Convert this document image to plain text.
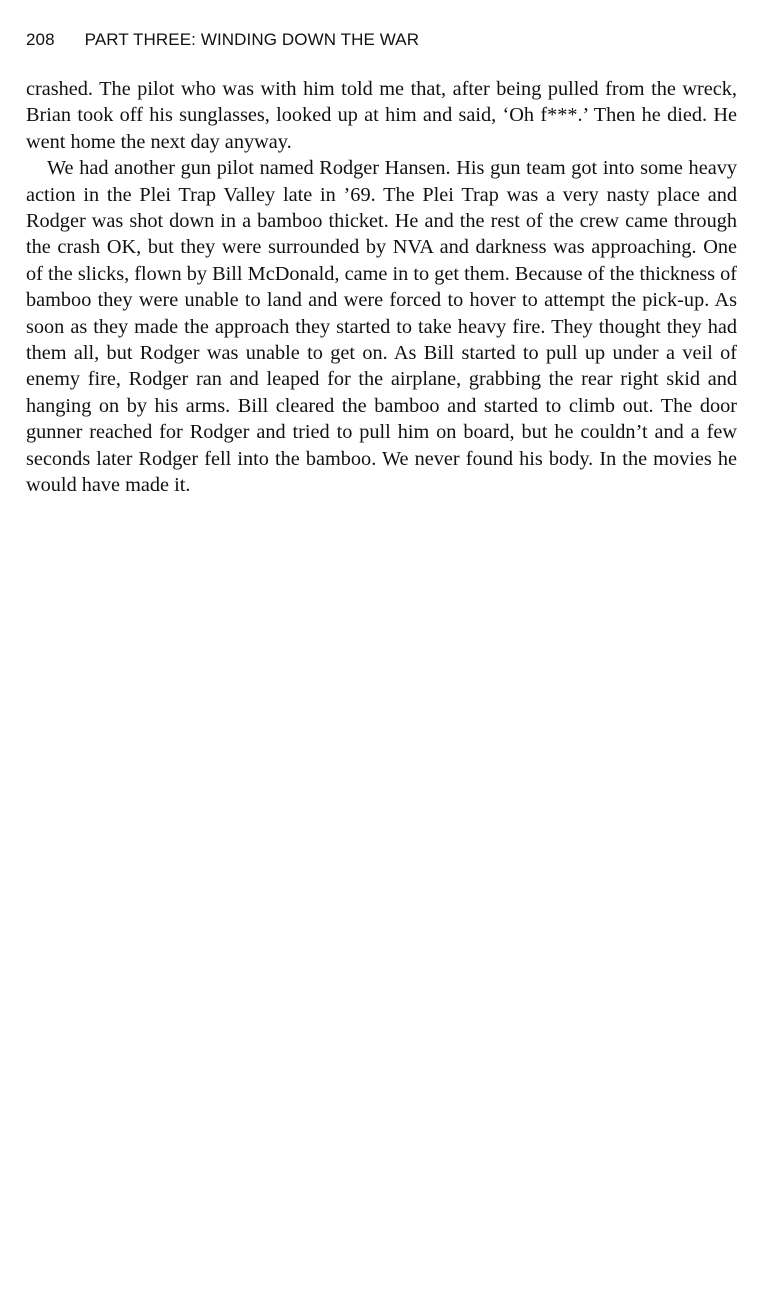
208 PART THREE: WINDING DOWN THE WAR

crashed. The pilot who was with him told me that, after being pulled from the wreck, Brian took off his sunglasses, looked up at him and said, ‘Oh f***.’ Then he died. He went home the next day anyway.

We had another gun pilot named Rodger Hansen. His gun team got into some heavy action in the Plei Trap Valley late in ’69. The Plei Trap was a very nasty place and Rodger was shot down in a bamboo thicket. He and the rest of the crew came through the crash OK, but they were surrounded by NVA and darkness was approaching. One of the slicks, flown by Bill McDonald, came in to get them. Because of the thickness of bamboo they were unable to land and were forced to hover to attempt the pick-up. As soon as they made the approach they started to take heavy fire. They thought they had them all, but Rodger was unable to get on. As Bill started to pull up under a veil of enemy fire, Rodger ran and leaped for the airplane, grabbing the rear right skid and hanging on by his arms. Bill cleared the bamboo and started to climb out. The door gunner reached for Rodger and tried to pull him on board, but he couldn’t and a few seconds later Rodger fell into the bamboo. We never found his body. In the movies he would have made it.
